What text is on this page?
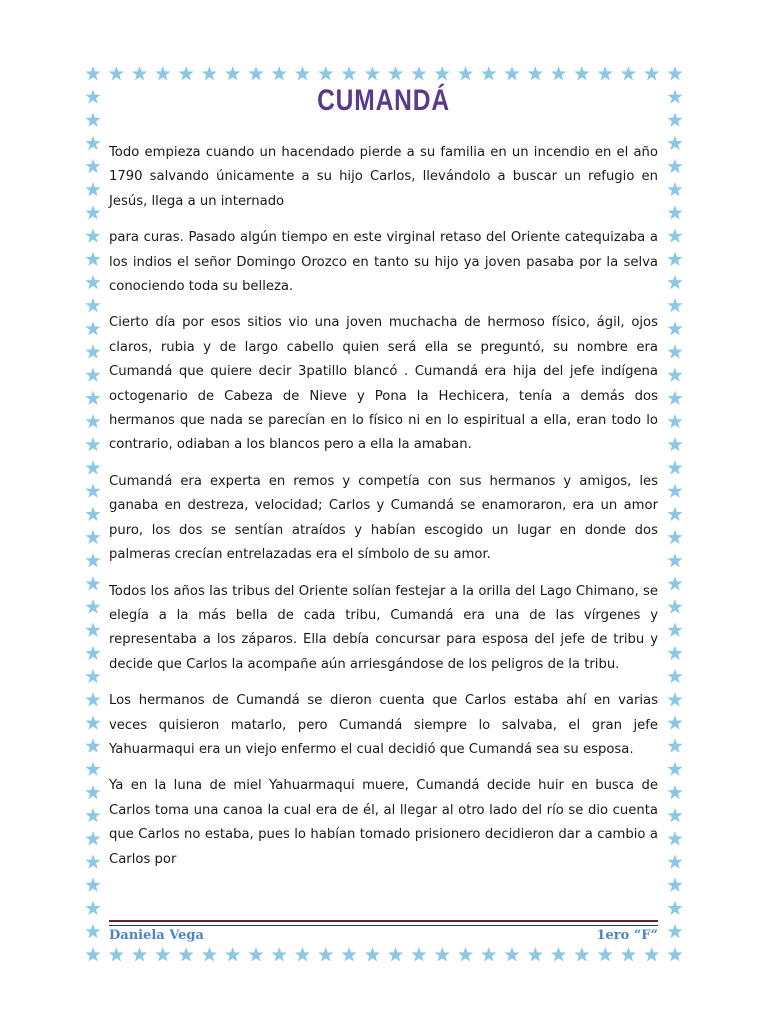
CUMANDÁ

Todo empieza cuando un hacendado pierde a su familia en un incendio en el año 1790 salvando únicamente a su hijo Carlos, llevándolo a buscar un refugio en Jesús, llega a un internado

para curas. Pasado algún tiempo en este virginal retaso del Oriente catequizaba a los indios el señor Domingo Orozco en tanto su hijo ya joven pasaba por la selva conociendo toda su belleza.

Cierto día por esos sitios vio una joven muchacha de hermoso físico, ágil, ojos claros, rubia y de largo cabello quien será ella se preguntó, su nombre era Cumandá que quiere decir 3patillo blancó . Cumandá era hija del jefe indígena octogenario de Cabeza de Nieve y Pona la Hechicera, tenía a demás dos hermanos que nada se parecían en lo físico ni en lo espiritual a ella, eran todo lo contrario, odiaban a los blancos pero a ella la amaban.

Cumandá era experta en remos y competía con sus hermanos y amigos, les ganaba en destreza, velocidad; Carlos y Cumandá se enamoraron, era un amor puro, los dos se sentían atraídos y habían escogido un lugar en donde dos palmeras crecían entrelazadas era el símbolo de su amor.

Todos los años las tribus del Oriente solían festejar a la orilla del Lago Chimano, se elegía a la más bella de cada tribu, Cumandá era una de las vírgenes y representaba a los záparos. Ella debía concursar para esposa del jefe de tribu y decide que Carlos la acompañe aún arriesgándose de los peligros de la tribu.

Los hermanos de Cumandá se dieron cuenta que Carlos estaba ahí en varias veces quisieron matarlo, pero Cumandá siempre lo salvaba, el gran jefe Yahuarmaqui era un viejo enfermo el cual decidió que Cumandá sea su esposa.

Ya en la luna de miel Yahuarmaqui muere, Cumandá decide huir en busca de Carlos toma una canoa la cual era de él, al llegar al otro lado del río se dio cuenta que Carlos no estaba, pues lo habían tomado prisionero decidieron dar a cambio a Carlos por

Daniela Vega	1ero “F”
